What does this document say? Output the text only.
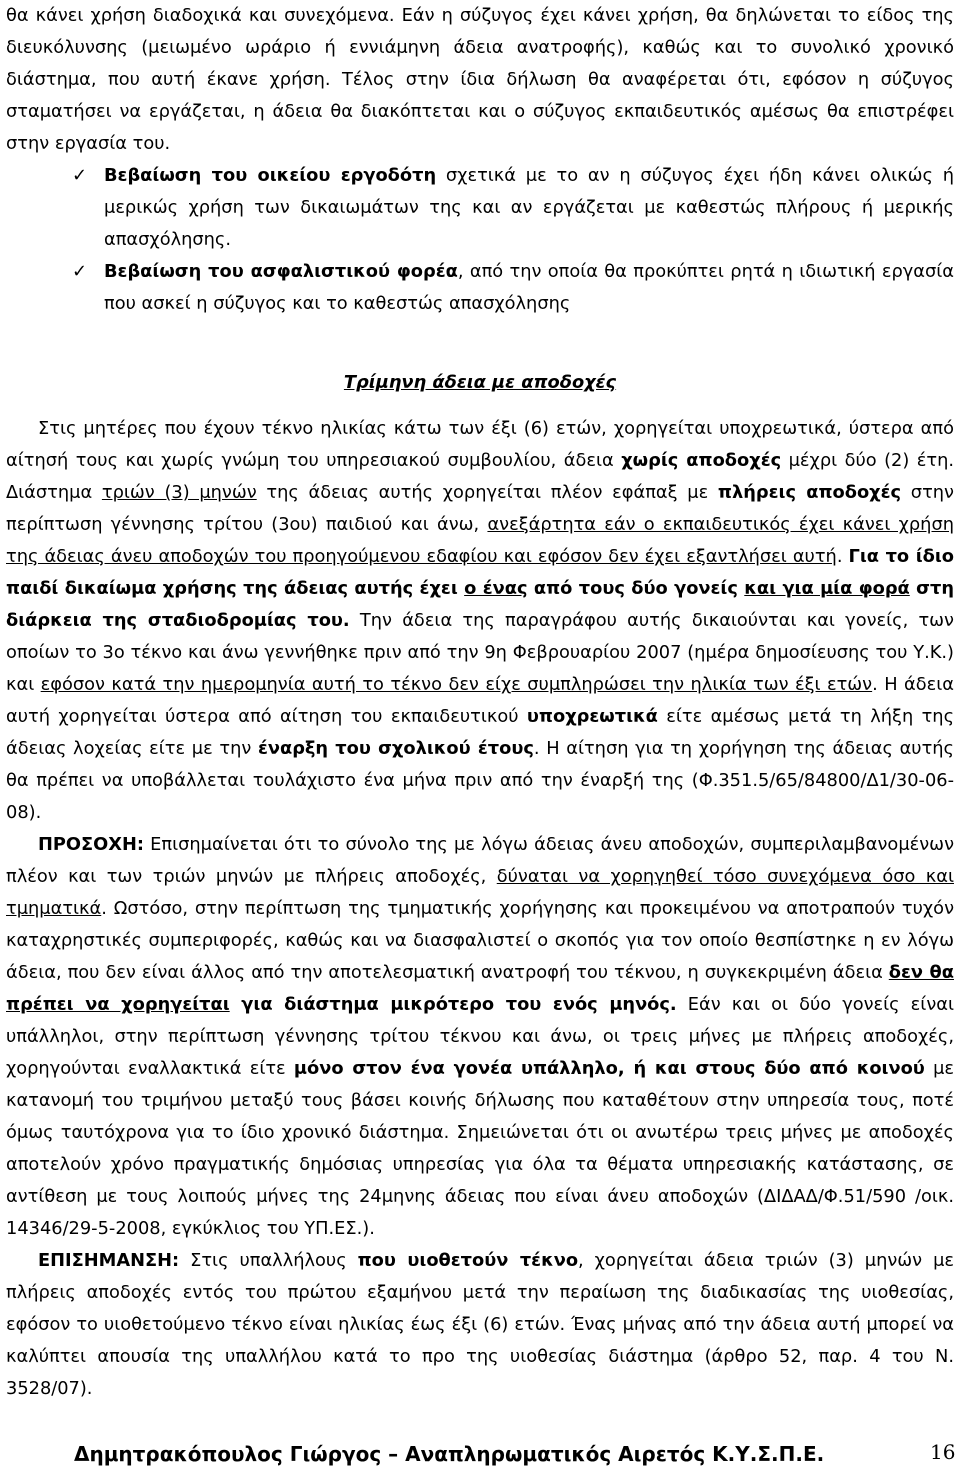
θα κάνει χρήση διαδοχικά και συνεχόμενα. Εάν η σύζυγος έχει κάνει χρήση, θα δηλώνεται το είδος της διευκόλυνσης (μειωμένο ωράριο ή εννιάμηνη άδεια ανατροφής), καθώς και το συνολικό χρονικό διάστημα, που αυτή έκανε χρήση. Τέλος στην ίδια δήλωση θα αναφέρεται ότι, εφόσον η σύζυγος σταματήσει να εργάζεται, η άδεια θα διακόπτεται και ο σύζυγος εκπαιδευτικός αμέσως θα επιστρέφει στην εργασία του.

✓ Βεβαίωση του οικείου εργοδότη σχετικά με το αν η σύζυγος έχει ήδη κάνει ολικώς ή μερικώς χρήση των δικαιωμάτων της και αν εργάζεται με καθεστώς πλήρους ή μερικής απασχόλησης.

✓ Βεβαίωση του ασφαλιστικού φορέα, από την οποία θα προκύπτει ρητά η ιδιωτική εργασία που ασκεί η σύζυγος και το καθεστώς απασχόλησης

Τρίμηνη άδεια με αποδοχές

Στις μητέρες που έχουν τέκνο ηλικίας κάτω των έξι (6) ετών, χορηγείται υποχρεωτικά, ύστερα από αίτησή τους και χωρίς γνώμη του υπηρεσιακού συμβουλίου, άδεια χωρίς αποδοχές μέχρι δύο (2) έτη. Διάστημα τριών (3) μηνών της άδειας αυτής χορηγείται πλέον εφάπαξ με πλήρεις αποδοχές στην περίπτωση γέννησης τρίτου (3ου) παιδιού και άνω, ανεξάρτητα εάν ο εκπαιδευτικός έχει κάνει χρήση της άδειας άνευ αποδοχών του προηγούμενου εδαφίου και εφόσον δεν έχει εξαντλήσει αυτή. Για το ίδιο παιδί δικαίωμα χρήσης της άδειας αυτής έχει ο ένας από τους δύο γονείς και για μία φορά στη διάρκεια της σταδιοδρομίας του. Την άδεια της παραγράφου αυτής δικαιούνται και γονείς, των οποίων το 3ο τέκνο και άνω γεννήθηκε πριν από την 9η Φεβρουαρίου 2007 (ημέρα δημοσίευσης του Υ.Κ.) και εφόσον κατά την ημερομηνία αυτή το τέκνο δεν είχε συμπληρώσει την ηλικία των έξι ετών. Η άδεια αυτή χορηγείται ύστερα από αίτηση του εκπαιδευτικού υποχρεωτικά είτε αμέσως μετά τη λήξη της άδειας λοχείας είτε με την έναρξη του σχολικού έτους. Η αίτηση για τη χορήγηση της άδειας αυτής θα πρέπει να υποβάλλεται τουλάχιστο ένα μήνα πριν από την έναρξή της (Φ.351.5/65/84800/Δ1/30-06-08).

ΠΡΟΣΟΧΗ: Επισημαίνεται ότι το σύνολο της με λόγω άδειας άνευ αποδοχών, συμπεριλαμβανομένων πλέον και των τριών μηνών με πλήρεις αποδοχές, δύναται να χορηγηθεί τόσο συνεχόμενα όσο και τμηματικά. Ωστόσο, στην περίπτωση της τμηματικής χορήγησης και προκειμένου να αποτραπούν τυχόν καταχρηστικές συμπεριφορές, καθώς και να διασφαλιστεί ο σκοπός για τον οποίο θεσπίστηκε η εν λόγω άδεια, που δεν είναι άλλος από την αποτελεσματική ανατροφή του τέκνου, η συγκεκριμένη άδεια δεν θα πρέπει να χορηγείται για διάστημα μικρότερο του ενός μηνός. Εάν και οι δύο γονείς είναι υπάλληλοι, στην περίπτωση γέννησης τρίτου τέκνου και άνω, οι τρεις μήνες με πλήρεις αποδοχές, χορηγούνται εναλλακτικά είτε μόνο στον ένα γονέα υπάλληλο, ή και στους δύο από κοινού με κατανομή του τριμήνου μεταξύ τους βάσει κοινής δήλωσης που καταθέτουν στην υπηρεσία τους, ποτέ όμως ταυτόχρονα για το ίδιο χρονικό διάστημα. Σημειώνεται ότι οι ανωτέρω τρεις μήνες με αποδοχές αποτελούν χρόνο πραγματικής δημόσιας υπηρεσίας για όλα τα θέματα υπηρεσιακής κατάστασης, σε αντίθεση με τους λοιπούς μήνες της 24μηνης άδειας που είναι άνευ αποδοχών (ΔΙΔΑΔ/Φ.51/590 /οικ. 14346/29-5-2008, εγκύκλιος του ΥΠ.ΕΣ.).

ΕΠΙΣΗΜΑΝΣΗ: Στις υπαλλήλους που υιοθετούν τέκνο, χορηγείται άδεια τριών (3) μηνών με πλήρεις αποδοχές εντός του πρώτου εξαμήνου μετά την περαίωση της διαδικασίας της υιοθεσίας, εφόσον το υιοθετούμενο τέκνο είναι ηλικίας έως έξι (6) ετών. Ένας μήνας από την άδεια αυτή μπορεί να καλύπτει απουσία της υπαλλήλου κατά το προ της υιοθεσίας διάστημα (άρθρο 52, παρ. 4 του Ν. 3528/07).

Δημητρακόπουλος Γιώργος – Αναπληρωματικός Αιρετός Κ.Υ.Σ.Π.Ε.	16
